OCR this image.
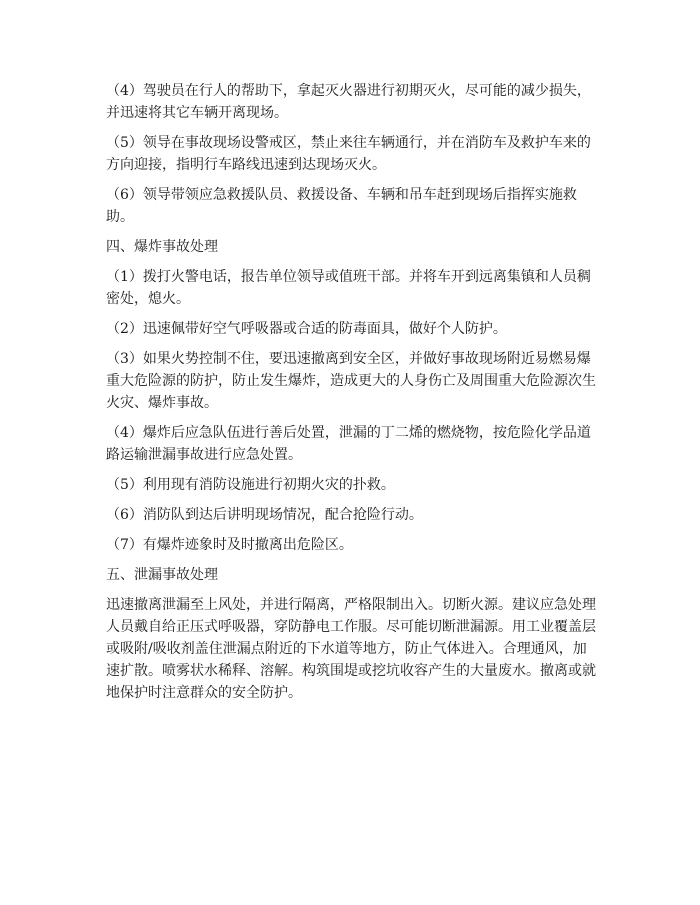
（4）驾驶员在行人的帮助下，拿起灭火器进行初期灭火，尽可能的减少损失，并迅速将其它车辆开离现场。

（5）领导在事故现场设警戒区，禁止来往车辆通行，并在消防车及救护车来的方向迎接，指明行车路线迅速到达现场灭火。

（6）领导带领应急救援队员、救援设备、车辆和吊车赶到现场后指挥实施救助。

四、爆炸事故处理

（1）拨打火警电话，报告单位领导或值班干部。并将车开到远离集镇和人员稠密处，熄火。

（2）迅速佩带好空气呼吸器或合适的防毒面具，做好个人防护。

（3）如果火势控制不住，要迅速撤离到安全区，并做好事故现场附近易燃易爆重大危险源的防护，防止发生爆炸，造成更大的人身伤亡及周围重大危险源次生火灾、爆炸事故。

（4）爆炸后应急队伍进行善后处置，泄漏的丁二烯的燃烧物，按危险化学品道路运输泄漏事故进行应急处置。

（5）利用现有消防设施进行初期火灾的扑救。

（6）消防队到达后讲明现场情况，配合抢险行动。

（7）有爆炸迹象时及时撤离出危险区。

五、泄漏事故处理

迅速撤离泄漏至上风处，并进行隔离，严格限制出入。切断火源。建议应急处理人员戴自给正压式呼吸器，穿防静电工作服。尽可能切断泄漏源。用工业覆盖层或吸附/吸收剂盖住泄漏点附近的下水道等地方，防止气体进入。合理通风，加速扩散。喷雾状水稀释、溶解。构筑围堤或挖坑收容产生的大量废水。撤离或就地保护时注意群众的安全防护。
